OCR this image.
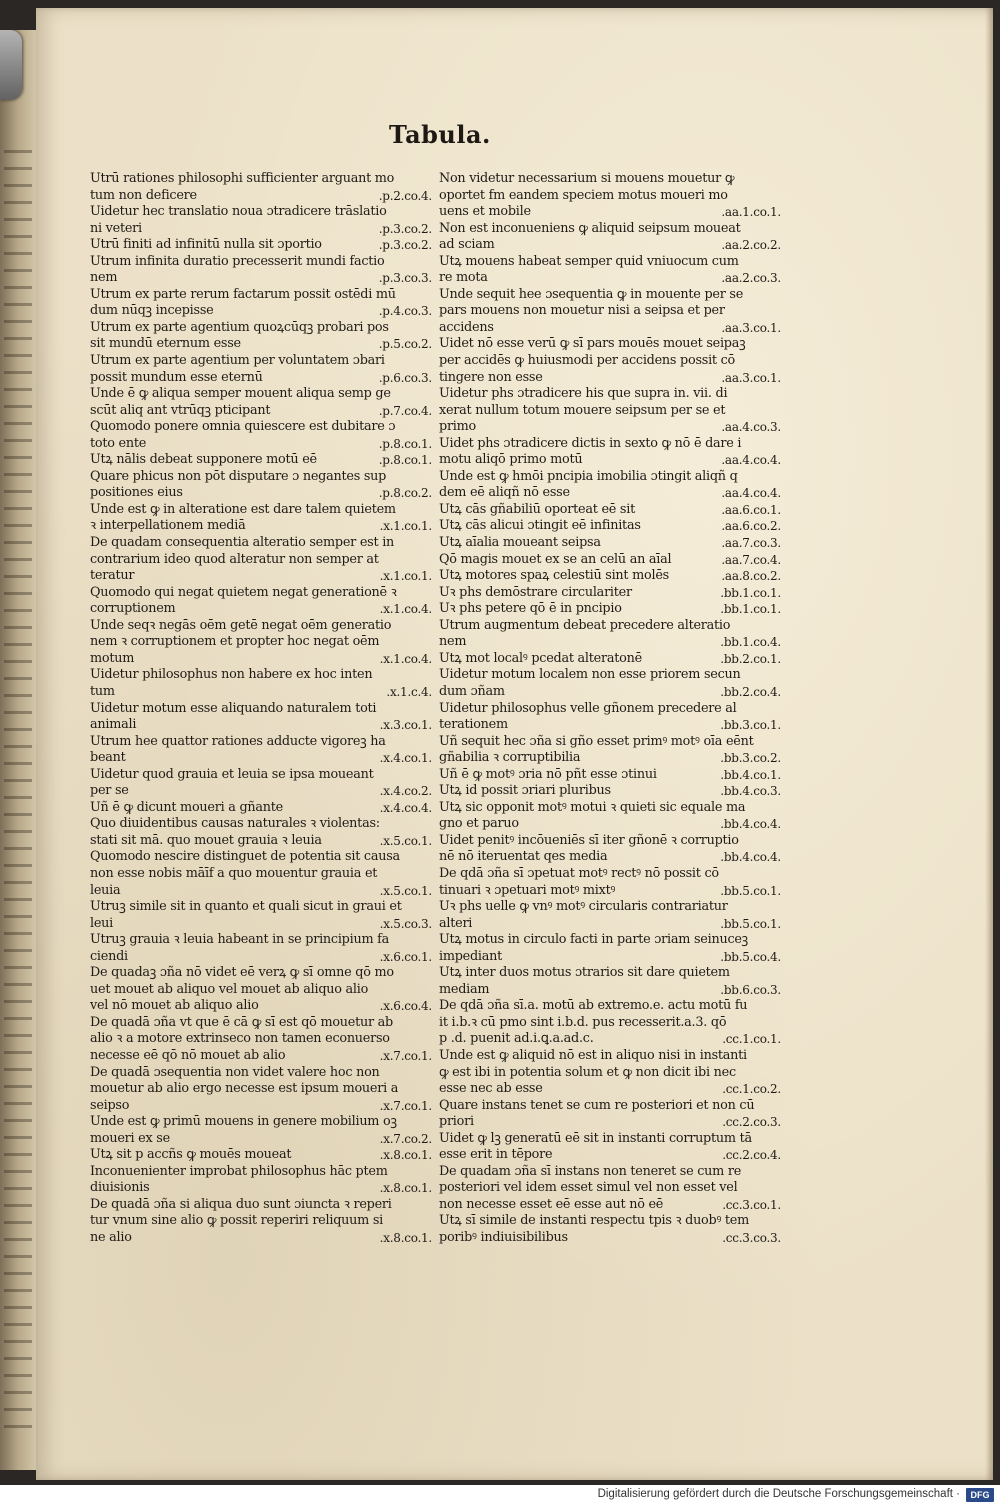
Tabula.
Utrū rationes philosophi sufficienter arguant mo
.p.2.co.4.
tum non deficere
Uidetur hec translatio noua ɔtradicere trāslatio
.p.3.co.2.
ni veteri
.p.3.co.2.
Utrū finiti ad infinitū nulla sit ɔportio
Utrum infinita duratio precesserit mundi factio
.p.3.co.3.
nem
Utrum ex parte rerum factarum possit ostēdi mū
.p.4.co.3.
dum nūqꝫ incepisse
Utrum ex parte agentium quoꝝcūqꝫ probari pos
.p.5.co.2.
sit mundū eternum esse
Utrum ex parte agentium per voluntatem ɔbari
.p.6.co.3.
possit mundum esse eternū
Unde ē ꝙ aliqua semper mouent aliqua semp ge
.p.7.co.4.
scūt aliq ant vtrūqꝫ pticipant
Quomodo ponere omnia quiescere est dubitare ɔ
.p.8.co.1.
toto ente
.p.8.co.1.
Utꝝ nālis debeat supponere motū eē
Quare phicus non pōt disputare ɔ negantes sup
.p.8.co.2.
positiones eius
Unde est ꝙ in alteratione est dare talem quietem
.x.1.co.1.
ꝛ interpellationem mediā
De quadam consequentia alteratio semper est in
contrarium ideo quod alteratur non semper at
.x.1.co.1.
teratur
Quomodo qui negat quietem negat generationē ꝛ
.x.1.co.4.
corruptionem
Unde seqꝛ negās oēm getē negat oēm generatio
nem ꝛ corruptionem et propter hoc negat oēm
.x.1.co.4.
motum
Uidetur philosophus non habere ex hoc inten
.x.1.c.4.
tum
Uidetur motum esse aliquando naturalem toti
.x.3.co.1.
animali
Utrum hee quattor rationes adducte vigoreꝫ ha
.x.4.co.1.
beant
Uidetur quod grauia et leuia se ipsa moueant
.x.4.co.2.
per se
.x.4.co.4.
Uñ ē ꝙ dicunt moueri a gñante
Quo diuidentibus causas naturales ꝛ violentas:
.x.5.co.1.
stati sit mā. quo mouet grauia ꝛ leuia
Quomodo nescire distinguet de potentia sit causa
non esse nobis māīf a quo mouentur grauia et
.x.5.co.1.
leuia
Utruꝫ simile sit in quanto et quali sicut in graui et
.x.5.co.3.
leui
Utruꝫ grauia ꝛ leuia habeant in se principium fa
.x.6.co.1.
ciendi
De quadaꝫ ɔña nō videt eē verꝝ ꝙ sī omne qō mo
uet mouet ab aliquo vel mouet ab aliquo alio
.x.6.co.4.
vel nō mouet ab aliquo alio
De quadā ɔña vt que ē cā ꝙ sī est qō mouetur ab
alio ꝛ a motore extrinseco non tamen econuerso
.x.7.co.1.
necesse eē qō nō mouet ab alio
De quadā ɔsequentia non videt valere hoc non
mouetur ab alio ergo necesse est ipsum moueri a
.x.7.co.1.
seipso
Unde est ꝙ primū mouens in genere mobilium oꝫ
.x.7.co.2.
moueri ex se
.x.8.co.1.
Utꝝ sit p accñs ꝙ mouēs moueat
Inconuenienter improbat philosophus hāc ptem
.x.8.co.1.
diuisionis
De quadā ɔña si aliqua duo sunt ɔiuncta ꝛ reperi
tur vnum sine alio ꝙ possit reperiri reliquum si
.x.8.co.1.
ne alio
Non videtur necessarium si mouens mouetur ꝙ
oportet fm eandem speciem motus moueri mo
.aa.1.co.1.
uens et mobile
Non est inconueniens ꝙ aliquid seipsum moueat
.aa.2.co.2.
ad sciam
Utꝝ mouens habeat semper quid vniuocum cum
.aa.2.co.3.
re mota
Unde sequit hee ɔsequentia ꝙ in mouente per se
pars mouens non mouetur nisi a seipsa et per
.aa.3.co.1.
accidens
Uidet nō esse verū ꝙ sī pars mouēs mouet seipaꝫ
per accidēs ꝙ huiusmodi per accidens possit cō
.aa.3.co.1.
tingere non esse
Uidetur phs ɔtradicere his que supra in. vii. di
xerat nullum totum mouere seipsum per se et
.aa.4.co.3.
primo
Uidet phs ɔtradicere dictis in sexto ꝙ nō ē dare i
.aa.4.co.4.
motu aliqō primo motū
Unde est ꝙ hmōi pncipia imobilia ɔtingit aliqñ q
.aa.4.co.4.
dem eē aliqñ nō esse
.aa.6.co.1.
Utꝝ cās gñabiliū oporteat eē sit
.aa.6.co.2.
Utꝝ cās alicui ɔtingit eē infinitas
.aa.7.co.3.
Utꝝ aīalia moueant seipsa
.aa.7.co.4.
Qō magis mouet ex se an celū an aīal
.aa.8.co.2.
Utꝝ motores spaꝝ celestiū sint molēs
.bb.1.co.1.
Uꝛ phs demōstrare circulariter
.bb.1.co.1.
Uꝛ phs petere qō ē in pncipio
Utrum augmentum debeat precedere alteratio
.bb.1.co.4.
nem
.bb.2.co.1.
Utꝝ mot localꝰ pcedat alteratonē
Uidetur motum localem non esse priorem secun
.bb.2.co.4.
dum ɔñam
Uidetur philosophus velle gñonem precedere al
.bb.3.co.1.
terationem
Uñ sequit hec ɔña si gño esset primꝰ motꝰ oīa eēnt
.bb.3.co.2.
gñabilia ꝛ corruptibilia
.bb.4.co.1.
Uñ ē ꝙ motꝰ ɔria nō pñt esse ɔtinui
.bb.4.co.3.
Utꝝ id possit ɔriari pluribus
Utꝝ sic opponit motꝰ motui ꝛ quieti sic equale ma
.bb.4.co.4.
gno et paruo
Uidet penitꝰ incōueniēs sī iter gñonē ꝛ corruptio
.bb.4.co.4.
nē nō iteruentat qes media
De qdā ɔña sī ɔpetuat motꝰ rectꝰ nō possit cō
.bb.5.co.1.
tinuari ꝛ ɔpetuari motꝰ mixtꝰ
Uꝛ phs uelle ꝙ vnꝰ motꝰ circularis contrariatur
.bb.5.co.1.
alteri
Utꝝ motus in circulo facti in parte ɔriam seinuceꝫ
.bb.5.co.4.
impediant
Utꝝ inter duos motus ɔtrarios sit dare quietem
.bb.6.co.3.
mediam
De qdā ɔña sī.a. motū ab extremo.e. actu motū fu
it i.b.ꝛ cū pmo sint i.b.d. pus recesserit.a.3. qō
.cc.1.co.1.
p .d. puenit ad.i.ꝗ.a.ad.c.
Unde est ꝙ aliquid nō est in aliquo nisi in instanti
ꝙ est ibi in potentia solum et ꝙ non dicit ibi nec
.cc.1.co.2.
esse nec ab esse
Quare instans tenet se cum re posteriori et non cū
.cc.2.co.3.
priori
Uidet ꝙ lꝫ generatū eē sit in instanti corruptum tā
.cc.2.co.4.
esse erit in tēpore
De quadam ɔña sī instans non teneret se cum re
posteriori vel idem esset simul vel non esset vel
.cc.3.co.1.
non necesse esset eē esse aut nō eē
Utꝝ sī simile de instanti respectu tpis ꝛ duobꝰ tem
.cc.3.co.3.
poribꝰ indiuisibilibus
Digitalisierung gefördert durch die Deutsche Forschungsgemeinschaft ·	DFG
